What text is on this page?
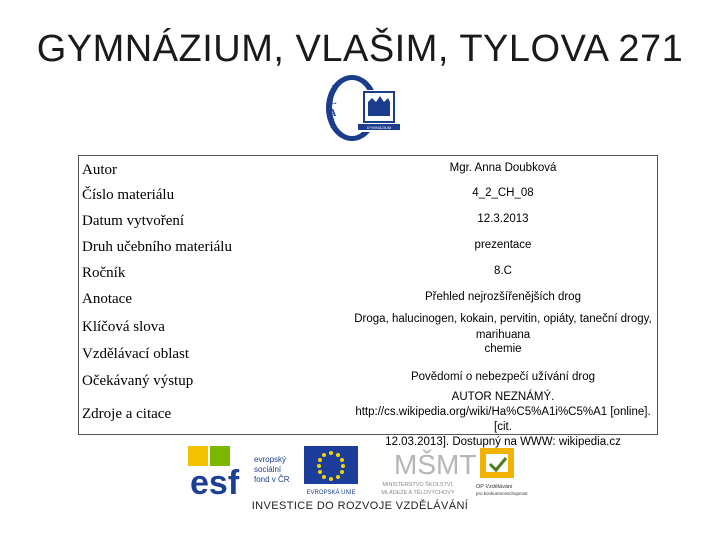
GYMNÁZIUM, VLAŠIM, TYLOVA 271
V
L
A
Š	GYMNÁZIUM
Autor	Mgr. Anna Doubková
Číslo materiálu	4_2_CH_08
Datum vytvoření	12.3.2013
Druh učebního materiálu	prezentace
Ročník	8.C
Anotace	Přehled nejrozšířenějších drog
Klíčová slova	Droga, halucinogen, kokain, pervitin, opiáty, taneční drogy, marihuana
Vzdělávací oblast	chemie
Očekávaný výstup	Povědomí o nebezpečí užívání drog
Zdroje a citace
AUTOR NEZNÁMÝ.
http://cs.wikipedia.org/wiki/Ha%C5%A1i%C5%A1 [online]. [cit.
12.03.2013]. Dostupný na WWW: wikipedia.cz
esf
evropský
sociální
fond v ČR
EVROPSKÁ UNIE
MŠMT
MINISTERSTVO ŠKOLSTVÍ,
MLÁDEŽE A TĚLOVÝCHOVY
OP Vzdělávání
pro konkurenceschopnost
INVESTICE DO ROZVOJE VZDĚLÁVÁNÍ
